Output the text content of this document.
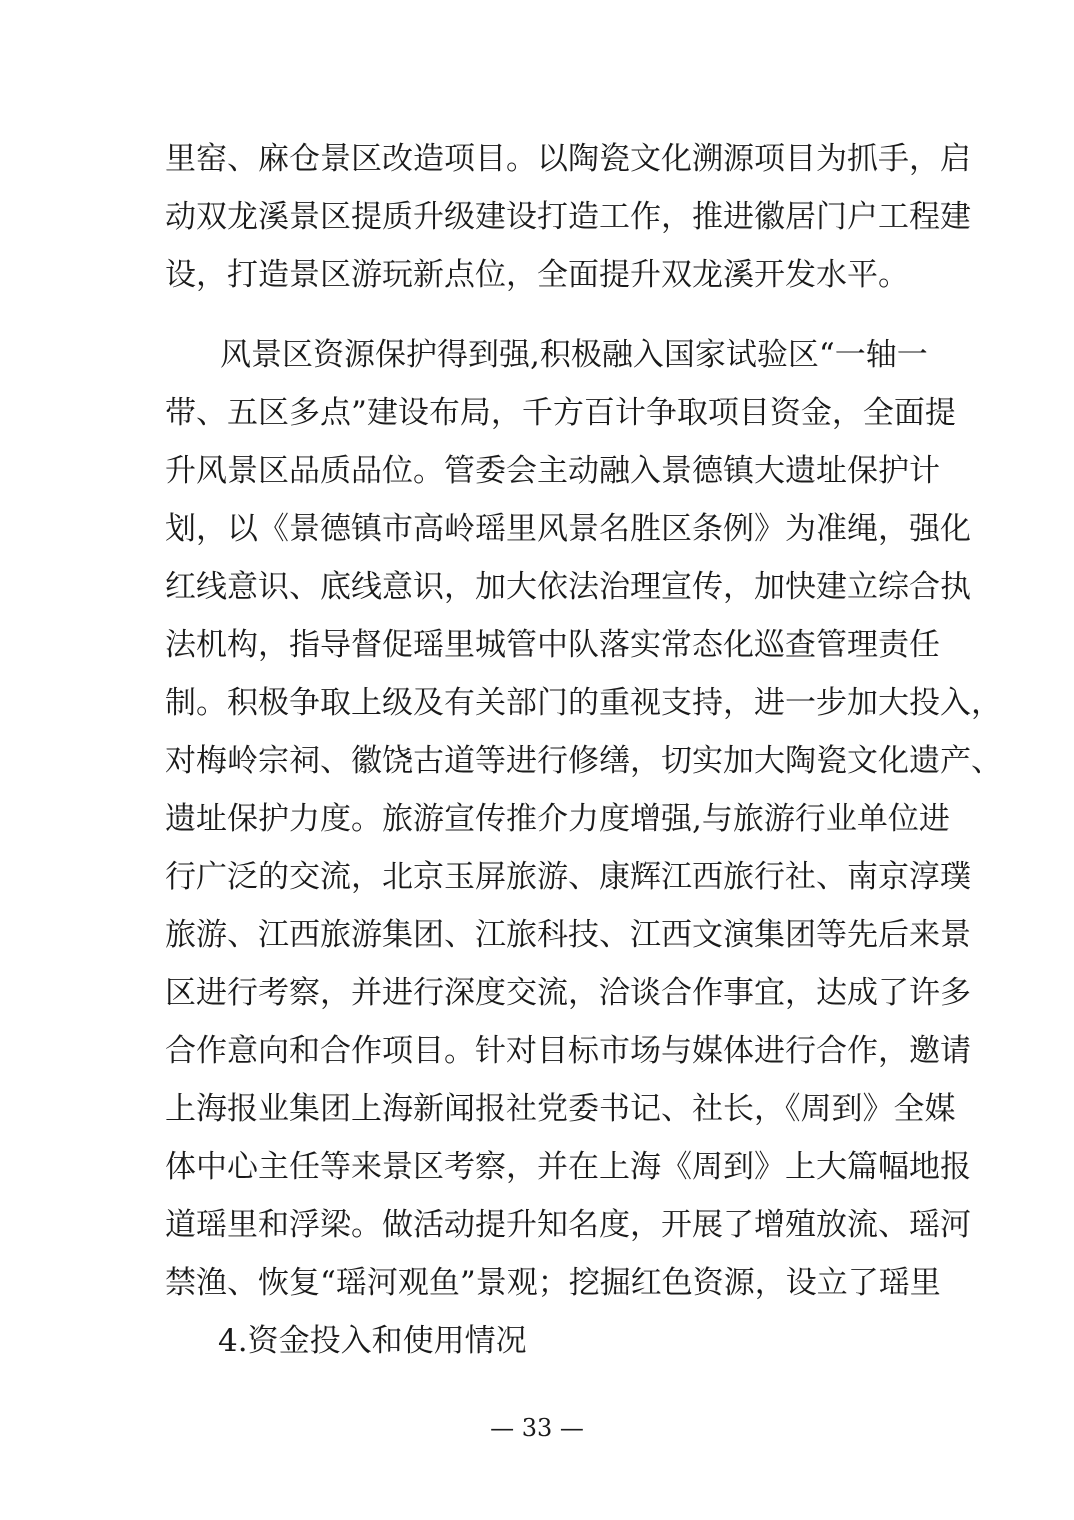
里窑、麻仓景区改造项目。以陶瓷文化溯源项目为抓手，启
动双龙溪景区提质升级建设打造工作，推进徽居门户工程建
设，打造景区游玩新点位，全面提升双龙溪开发水平。
风景区资源保护得到强,积极融入国家试验区“一轴一
带、五区多点”建设布局，千方百计争取项目资金，全面提
升风景区品质品位。管委会主动融入景德镇大遗址保护计
划，以《景德镇市高岭瑶里风景名胜区条例》为准绳，强化
红线意识、底线意识，加大依法治理宣传，加快建立综合执
法机构，指导督促瑶里城管中队落实常态化巡查管理责任
制。积极争取上级及有关部门的重视支持，进一步加大投入，
对梅岭宗祠、徽饶古道等进行修缮，切实加大陶瓷文化遗产、
遗址保护力度。旅游宣传推介力度增强,与旅游行业单位进
行广泛的交流，北京玉屏旅游、康辉江西旅行社、南京淳璞
旅游、江西旅游集团、江旅科技、江西文演集团等先后来景
区进行考察，并进行深度交流，洽谈合作事宜，达成了许多
合作意向和合作项目。针对目标市场与媒体进行合作，邀请
上海报业集团上海新闻报社党委书记、社长，《周到》全媒
体中心主任等来景区考察，并在上海《周到》上大篇幅地报
道瑶里和浮梁。做活动提升知名度，开展了增殖放流、瑶河
禁渔、恢复“瑶河观鱼”景观；挖掘红色资源，设立了瑶里
4.资金投入和使用情况
— 33 —
